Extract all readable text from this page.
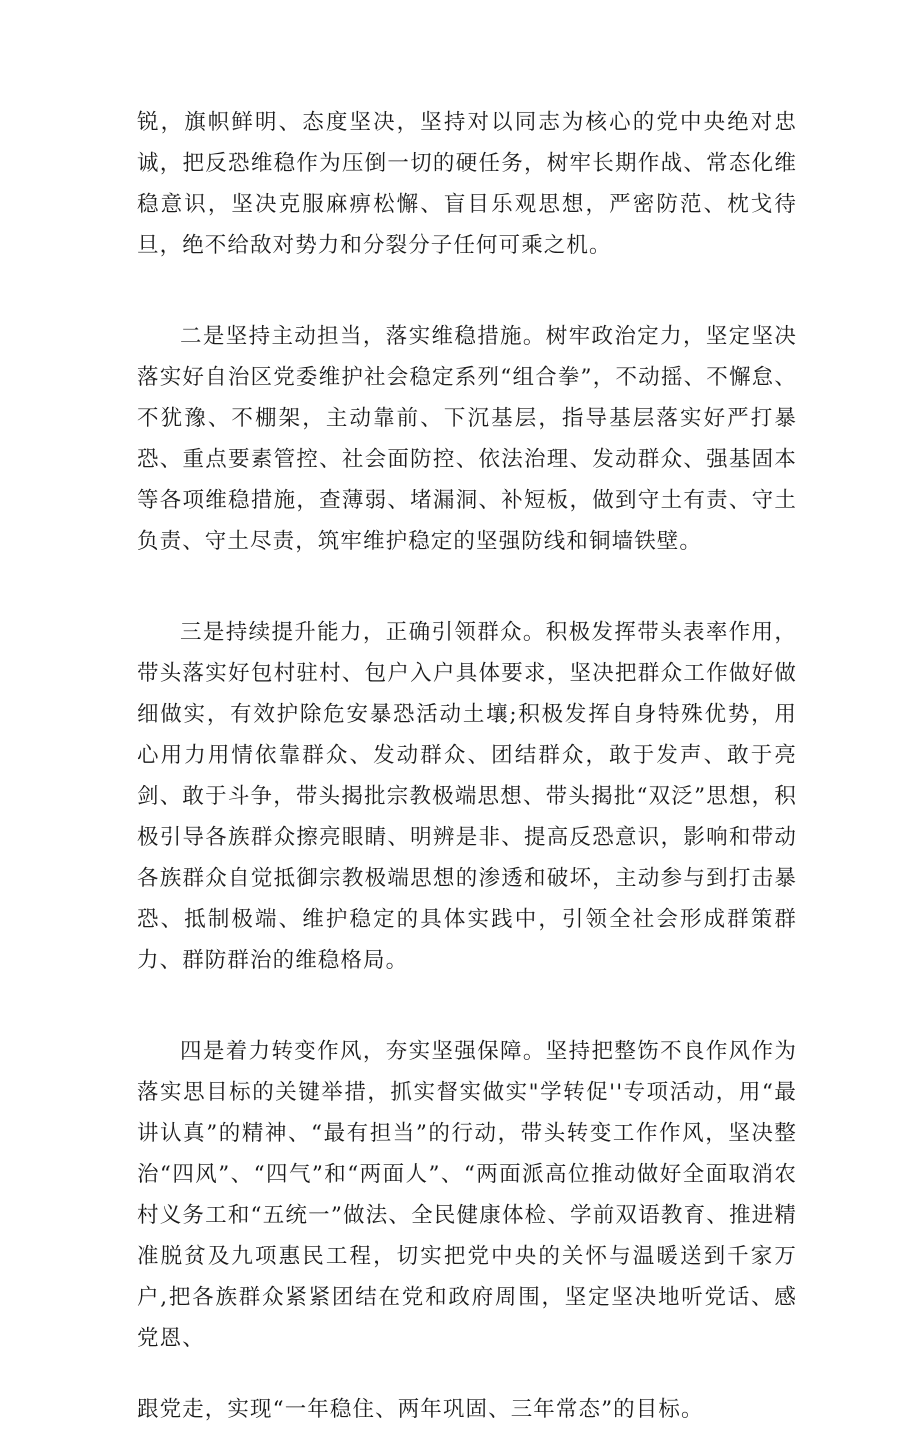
锐，旗帜鲜明、态度坚决，坚持对以同志为核心的党中央绝对忠诚，把反恐维稳作为压倒一切的硬任务，树牢长期作战、常态化维稳意识，坚决克服麻痹松懈、盲目乐观思想，严密防范、枕戈待旦，绝不给敌对势力和分裂分子任何可乘之机。

二是坚持主动担当，落实维稳措施。树牢政治定力，坚定坚决落实好自治区党委维护社会稳定系列“组合拳”，不动摇、不懈怠、不犹豫、不棚架，主动靠前、下沉基层，指导基层落实好严打暴恐、重点要素管控、社会面防控、依法治理、发动群众、强基固本等各项维稳措施，查薄弱、堵漏洞、补短板，做到守土有责、守土负责、守土尽责，筑牢维护稳定的坚强防线和铜墙铁壁。

三是持续提升能力，正确引领群众。积极发挥带头表率作用，带头落实好包村驻村、包户入户具体要求，坚决把群众工作做好做细做实，有效护除危安暴恐活动土壤;积极发挥自身特殊优势，用心用力用情依靠群众、发动群众、团结群众，敢于发声、敢于亮剑、敢于斗争，带头揭批宗教极端思想、带头揭批“双泛”思想，积极引导各族群众擦亮眼睛、明辨是非、提高反恐意识，影响和带动各族群众自觉抵御宗教极端思想的渗透和破坏，主动参与到打击暴恐、抵制极端、维护稳定的具体实践中，引领全社会形成群策群力、群防群治的维稳格局。

四是着力转变作风，夯实坚强保障。坚持把整饬不良作风作为落实思目标的关键举措，抓实督实做实"学转促''专项活动，用“最讲认真”的精神、“最有担当”的行动，带头转变工作作风，坚决整治“四风”、“四气”和“两面人”、“两面派高位推动做好全面取消农村义务工和“五统一”做法、全民健康体检、学前双语教育、推进精准脱贫及九项惠民工程，切实把党中央的关怀与温暖送到千家万户,把各族群众紧紧团结在党和政府周围，坚定坚决地听党话、感党恩、

跟党走，实现“一年稳住、两年巩固、三年常态”的目标。
